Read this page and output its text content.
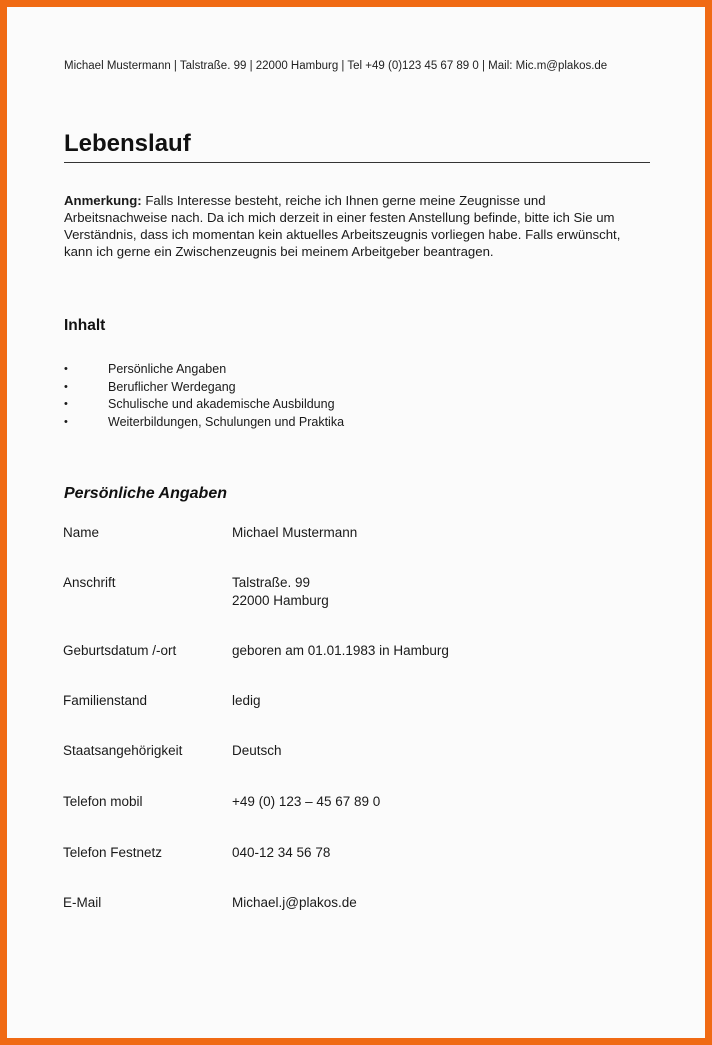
Michael Mustermann | Talstraße. 99 | 22000 Hamburg | Tel +49 (0)123 45 67 89 0 | Mail: Mic.m@plakos.de
Lebenslauf

Anmerkung: Falls Interesse besteht, reiche ich Ihnen gerne meine Zeugnisse und Arbeitsnachweise nach. Da ich mich derzeit in einer festen Anstellung befinde, bitte ich Sie um Verständnis, dass ich momentan kein aktuelles Arbeitszeugnis vorliegen habe. Falls erwünscht, kann ich gerne ein Zwischenzeugnis bei meinem Arbeitgeber beantragen.

Inhalt
•	Persönliche Angaben
•	Beruflicher Werdegang
•	Schulische und akademische Ausbildung
•	Weiterbildungen, Schulungen und Praktika
Persönliche Angaben
Name	Michael Mustermann
Anschrift	Talstraße. 99
22000 Hamburg
Geburtsdatum /-ort	geboren am 01.01.1983 in Hamburg
Familienstand	ledig
Staatsangehörigkeit	Deutsch
Telefon mobil	+49 (0) 123 – 45 67 89 0
Telefon Festnetz	040-12 34 56 78
E-Mail	Michael.j@plakos.de
